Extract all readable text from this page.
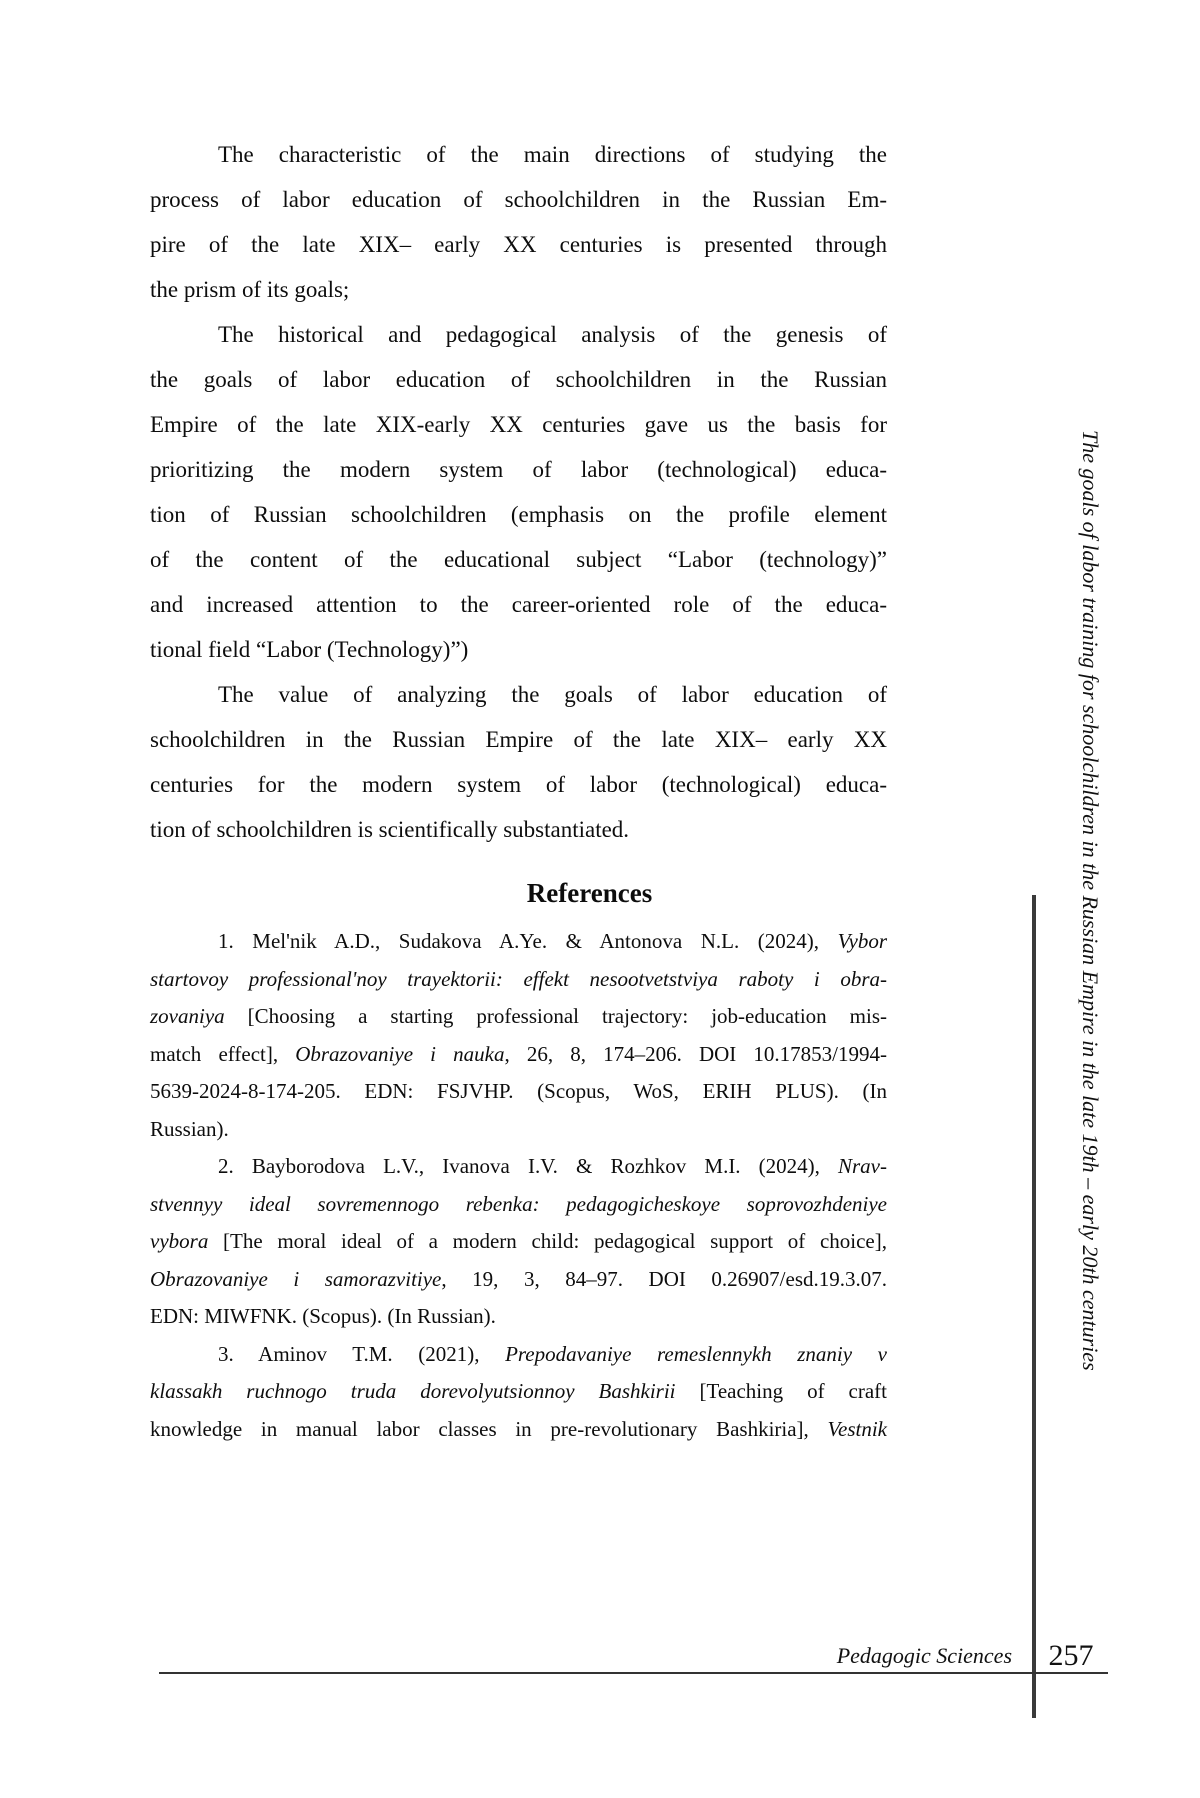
The characteristic of the main directions of studying the
process of labor education of schoolchildren in the Russian Em-
pire of the late XIX– early XX centuries is presented through
the prism of its goals;
The historical and pedagogical analysis of the genesis of
the goals of labor education of schoolchildren in the Russian
Empire of the late XIX-early XX centuries gave us the basis for
prioritizing the modern system of labor (technological) educa-
tion of Russian schoolchildren (emphasis on the profile element
of the content of the educational subject “Labor (technology)”
and increased attention to the career-oriented role of the educa-
tional field “Labor (Technology)”)
The value of analyzing the goals of labor education of
schoolchildren in the Russian Empire of the late XIX– early XX
centuries for the modern system of labor (technological) educa-
tion of schoolchildren is scientifically substantiated.
References
1. Mel'nik A.D., Sudakova A.Ye. & Antonova N.L. (2024), Vybor
startovoy professional'noy trayektorii: effekt nesootvetstviya raboty i obra-
zovaniya [Choosing a starting professional trajectory: job-education mis-
match effect], Obrazovaniye i nauka, 26, 8, 174–206. DOI 10.17853/1994-
5639-2024-8-174-205. EDN: FSJVHP. (Scopus, WoS, ERIH PLUS). (In
Russian).
2. Bayborodova L.V., Ivanova I.V. & Rozhkov M.I. (2024), Nrav-
stvennyy ideal sovremennogo rebenka: pedagogicheskoye soprovozhdeniye
vybora [The moral ideal of a modern child: pedagogical support of choice],
Obrazovaniye i samorazvitiye, 19, 3, 84–97. DOI 0.26907/esd.19.3.07.
EDN: MIWFNK. (Scopus). (In Russian).
3. Aminov T.M. (2021), Prepodavaniye remeslennykh znaniy v
klassakh ruchnogo truda dorevolyutsionnoy Bashkirii [Teaching of craft
knowledge in manual labor classes in pre-revolutionary Bashkiria], Vestnik
The goals of labor training for schoolchildren in the Russian Empire in the late 19th – early 20th centuries
Pedagogic Sciences 257
